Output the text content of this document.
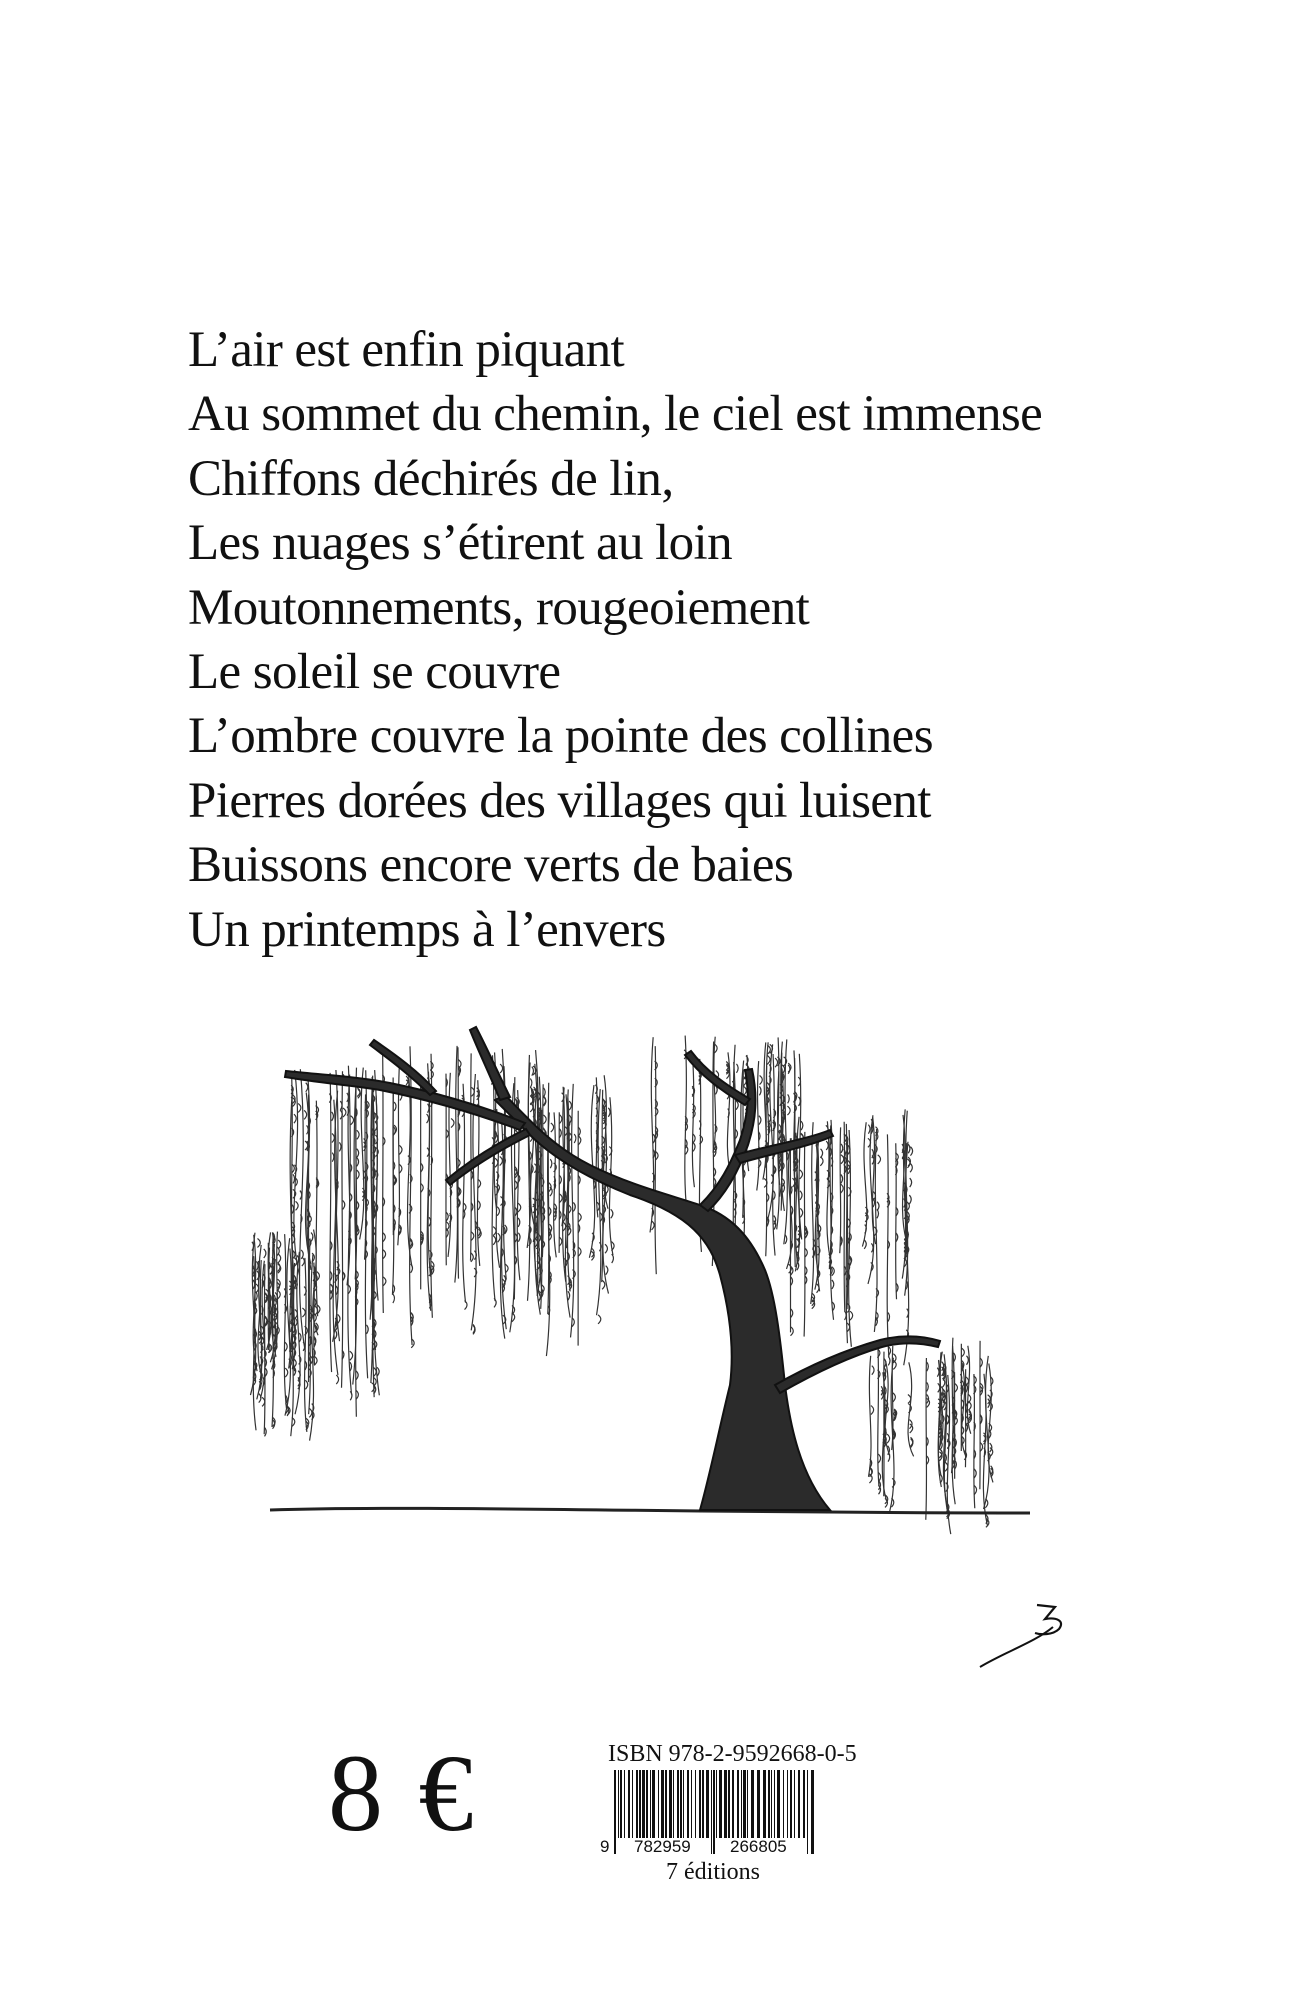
L’air est enfin piquant
Au sommet du chemin, le ciel est immense
Chiffons déchirés de lin,
Les nuages s’étirent au loin
Moutonnements, rougeoiement
Le soleil se couvre
L’ombre couvre la pointe des collines
Pierres dorées des villages qui luisent
Buissons encore verts de baies
Un printemps à l’envers
8 €	ISBN 978-2-9592668-0-5
9 782959 266805
7 éditions
